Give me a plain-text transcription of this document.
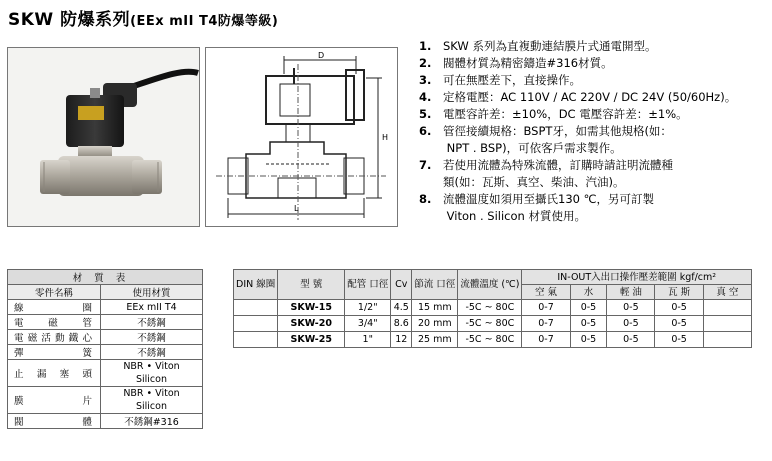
SKW 防爆系列(EEx mII T4防爆等級)
D
H
L
1.	SKW 系列為直複動連結膜片式通電開型。
2.	閥體材質為精密鑄造#316材質。
3.	可在無壓差下，直接操作。
4.	定格電壓：AC 110V / AC 220V / DC 24V (50/60Hz)。
5.	電壓容許差：±10%，DC 電壓容許差：±1%。
6.	管徑接續規格：BSPT牙，如需其他規格(如：
NPT . BSP)，可依客戶需求製作。
7.	若使用流體為特殊流體，訂購時請註明流體種
類(如：瓦斯、真空、柴油、汽油)。
8.	流體溫度如須用至攝氏130 ℃，另可訂製
Viton . Silicon 材質使用。
材質表	
零件名稱	使用材質
線圈	EEx mII T4
電磁管	不銹鋼
電磁活動鐵心	不銹鋼
彈簧	不銹鋼
止漏塞頭	NBR • Viton
Silicon
膜片	NBR • Viton
Silicon
閥體	不銹鋼#316
DIN 線圈	型 號	配管 口徑	Cv	節流 口徑	流體溫度 (℃)	IN-OUT入出口操作壓差範圍 kgf/cm²				
						空 氣	水	輕 油	瓦 斯	真 空
	SKW-15	1/2"	4.5	15 mm	-5C ~ 80C	0-7	0-5	0-5	0-5	
	SKW-20	3/4"	8.6	20 mm	-5C ~ 80C	0-7	0-5	0-5	0-5	
	SKW-25	1"	12	25 mm	-5C ~ 80C	0-7	0-5	0-5	0-5	
